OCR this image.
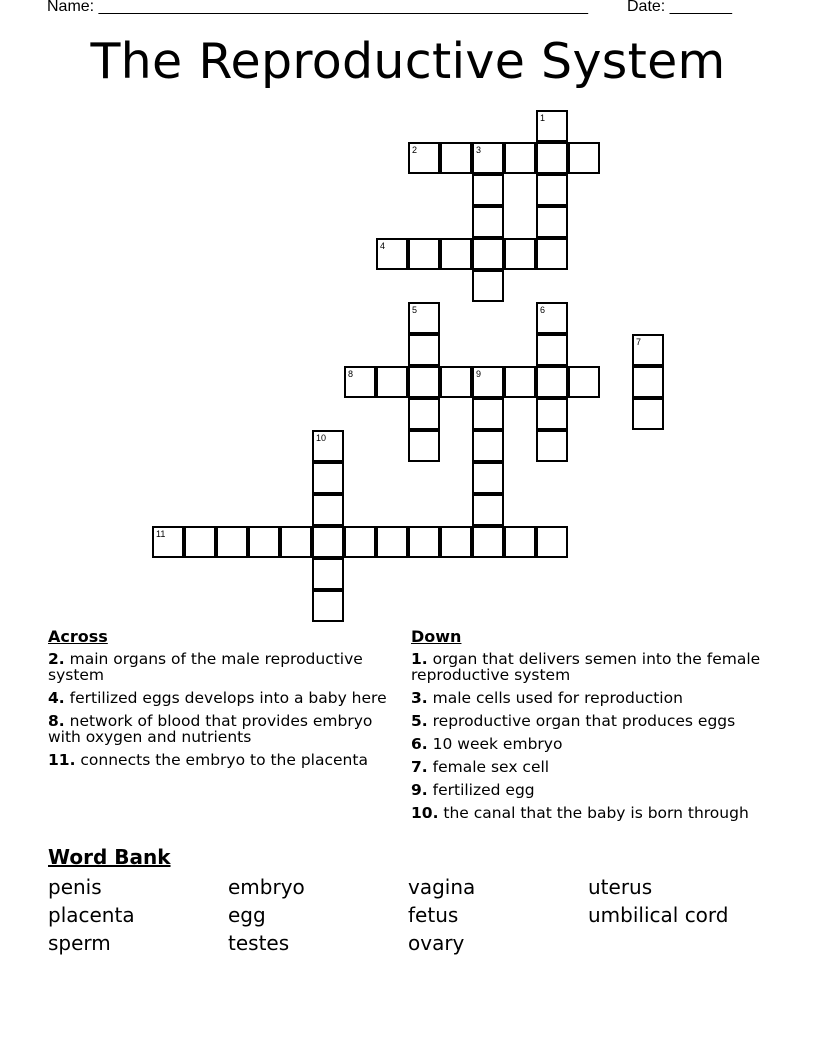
Name: _______________________________________________________ Date: _______
The Reproductive System
2	3
4
8	9
11
1
5	6
7
10
Across
2. main organs of the male reproductive system
4. fertilized eggs develops into a baby here
8. network of blood that provides embryo with oxygen and nutrients
11. connects the embryo to the placenta
Down
1. organ that delivers semen into the female reproductive system
3. male cells used for reproduction
5. reproductive organ that produces eggs
6. 10 week embryo
7. female sex cell
9. fertilized egg
10. the canal that the baby is born through
Word Bank
penis	embryo	vagina	uterus
placenta	egg	fetus	umbilical cord
sperm	testes	ovary
